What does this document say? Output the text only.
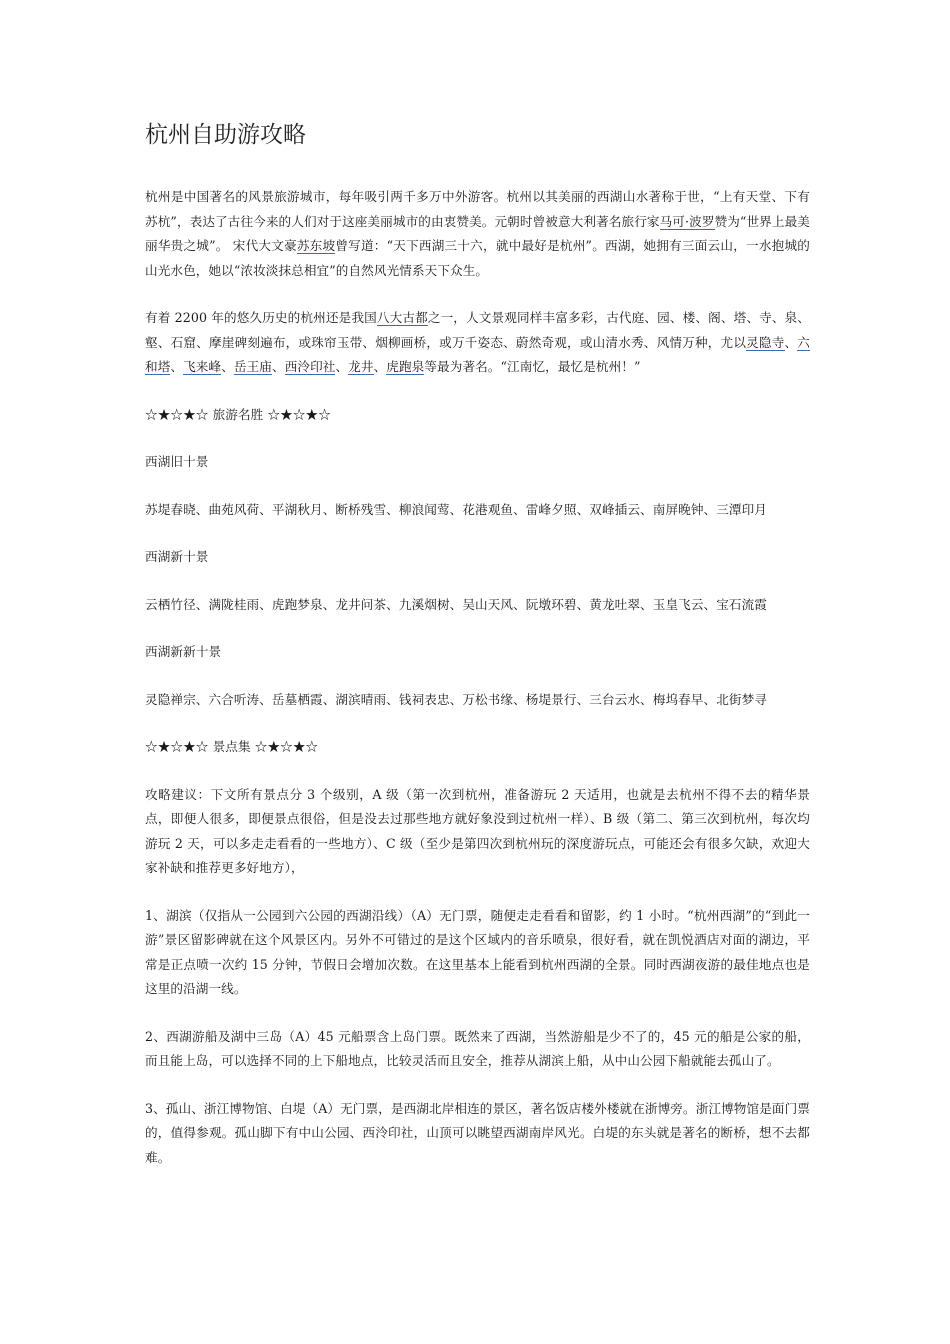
杭州自助游攻略

杭州是中国著名的风景旅游城市，每年吸引两千多万中外游客。杭州以其美丽的西湖山水著称于世，“上有天堂、下有苏杭”，表达了古往今来的人们对于这座美丽城市的由衷赞美。元朝时曾被意大利著名旅行家马可·波罗赞为“世界上最美丽华贵之城”。 宋代大文豪苏东坡曾写道：“天下西湖三十六，就中最好是杭州”。西湖，她拥有三面云山，一水抱城的山光水色，她以“浓妆淡抹总相宜”的自然风光情系天下众生。

有着 2200 年的悠久历史的杭州还是我国八大古都之一，人文景观同样丰富多彩，古代庭、园、楼、阁、塔、寺、泉、壑、石窟、摩崖碑刻遍布，或珠帘玉带、烟柳画桥，或万千姿态、蔚然奇观，或山清水秀、风情万种，尤以灵隐寺、六和塔、飞来峰、岳王庙、西泠印社、龙井、虎跑泉等最为著名。“江南忆，最忆是杭州！”

☆★☆★☆ 旅游名胜 ☆★☆★☆

西湖旧十景

苏堤春晓、曲苑风荷、平湖秋月、断桥残雪、柳浪闻莺、花港观鱼、雷峰夕照、双峰插云、南屏晚钟、三潭印月

西湖新十景

云栖竹径、满陇桂雨、虎跑梦泉、龙井问茶、九溪烟树、吴山天风、阮墩环碧、黄龙吐翠、玉皇飞云、宝石流霞

西湖新新十景

灵隐禅宗、六合听涛、岳墓栖霞、湖滨晴雨、钱祠表忠、万松书缘、杨堤景行、三台云水、梅坞春早、北街梦寻

☆★☆★☆ 景点集 ☆★☆★☆

攻略建议：下文所有景点分 3 个级别，A 级（第一次到杭州，准备游玩 2 天适用，也就是去杭州不得不去的精华景点，即便人很多，即便景点很俗，但是没去过那些地方就好象没到过杭州一样）、B 级（第二、第三次到杭州，每次均游玩 2 天，可以多走走看看的一些地方）、C 级（至少是第四次到杭州玩的深度游玩点，可能还会有很多欠缺，欢迎大家补缺和推荐更多好地方），

1、湖滨（仅指从一公园到六公园的西湖沿线）（A）无门票，随便走走看看和留影，约 1 小时。“杭州西湖”的“到此一游”景区留影碑就在这个风景区内。另外不可错过的是这个区域内的音乐喷泉，很好看，就在凯悦酒店对面的湖边，平常是正点喷一次约 15 分钟，节假日会增加次数。在这里基本上能看到杭州西湖的全景。同时西湖夜游的最佳地点也是这里的沿湖一线。

2、西湖游船及湖中三岛（A）45 元船票含上岛门票。既然来了西湖，当然游船是少不了的，45 元的船是公家的船，而且能上岛，可以选择不同的上下船地点，比较灵活而且安全，推荐从湖滨上船，从中山公园下船就能去孤山了。

3、孤山、浙江博物馆、白堤（A）无门票，是西湖北岸相连的景区，著名饭店楼外楼就在浙博旁。浙江博物馆是面门票的，值得参观。孤山脚下有中山公园、西泠印社，山顶可以眺望西湖南岸风光。白堤的东头就是著名的断桥，想不去都难。
